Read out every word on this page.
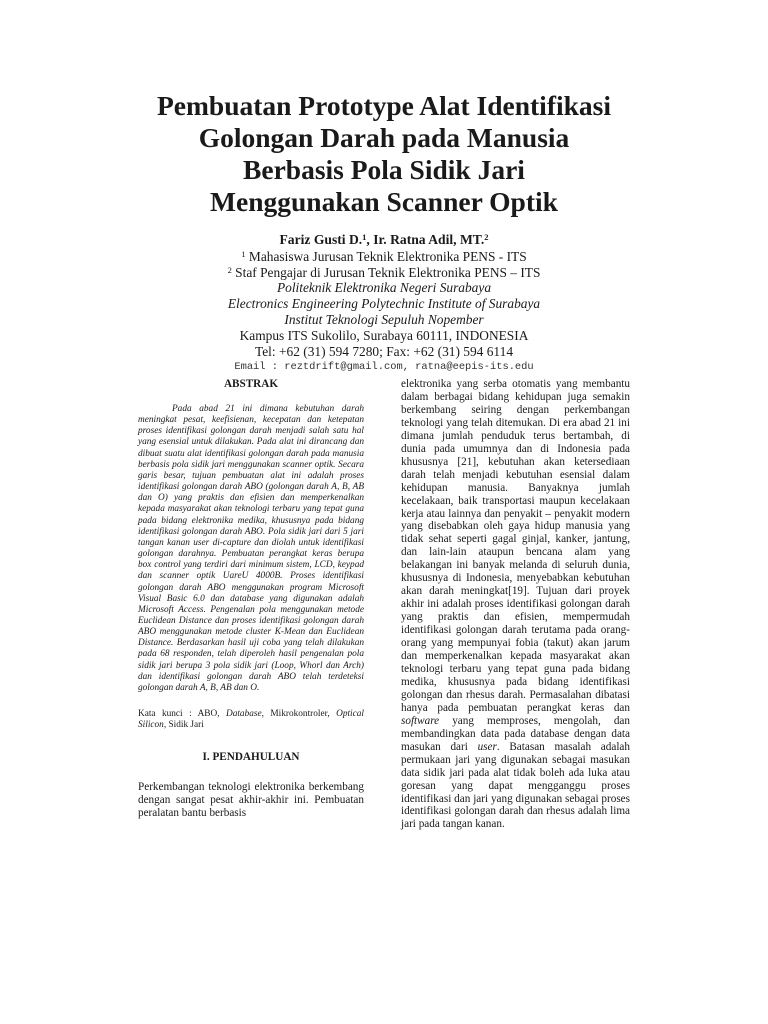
Pembuatan Prototype Alat Identifikasi
Golongan Darah pada Manusia
Berbasis Pola Sidik Jari
Menggunakan Scanner Optik
Fariz Gusti D.$^1$, Ir. Ratna Adil, MT.$^2$
$^1$ Mahasiswa Jurusan Teknik Elektronika PENS - ITS
$^2$ Staf Pengajar di Jurusan Teknik Elektronika PENS – ITS
Politeknik Elektronika Negeri Surabaya
Electronics Engineering Polytechnic Institute of Surabaya
Institut Teknologi Sepuluh Nopember
Kampus ITS Sukolilo, Surabaya 60111, INDONESIA
Tel: +62 (31) 594 7280; Fax: +62 (31) 594 6114
Email : reztdrift@gmail.com, ratna@eepis-its.edu
ABSTRAK

Pada abad 21 ini dimana kebutuhan darah meningkat pesat, keefisienan, kecepatan dan ketepatan proses identifikasi golongan darah menjadi salah satu hal yang esensial untuk dilakukan. Pada alat ini dirancang dan dibuat suatu alat identifikasi golongan darah pada manusia berbasis pola sidik jari menggunakan scanner optik. Secara garis besar, tujuan pembuatan alat ini adalah proses identifikasi golongan darah ABO (golongan darah A, B, AB dan O) yang praktis dan efisien dan memperkenalkan kepada masyarakat akan teknologi terbaru yang tepat guna pada bidang elektronika medika, khususnya pada bidang identifikasi golongan darah ABO. Pola sidik jari dari 5 jari tangan kanan user di-capture dan diolah untuk identifikasi golongan darahnya. Pembuatan perangkat keras berupa box control yang terdiri dari minimum sistem, LCD, keypad dan scanner optik UareU 4000B. Proses identifikasi golongan darah ABO menggunakan program Microsoft Visual Basic 6.0 dan database yang digunakan adalah Microsoft Access. Pengenalan pola menggunakan metode Euclidean Distance dan proses identifikasi golongan darah ABO menggunakan metode cluster K-Mean dan Euclidean Distance. Berdasarkan hasil uji coba yang telah dilakukan pada 68 responden, telah diperoleh hasil pengenalan pola sidik jari berupa 3 pola sidik jari (Loop, Whorl dan Arch) dan identifikasi golongan darah ABO telah terdeteksi golongan darah A, B, AB dan O.

Kata kunci : ABO, Database, Mikrokontroler, Optical Silicon, Sidik Jari

I. PENDAHULUAN

Perkembangan teknologi elektronika berkembang dengan sangat pesat akhir-akhir ini. Pembuatan peralatan bantu berbasis

elektronika yang serba otomatis yang membantu dalam berbagai bidang kehidupan juga semakin berkembang seiring dengan perkembangan teknologi yang telah ditemukan. Di era abad 21 ini dimana jumlah penduduk terus bertambah, di dunia pada umumnya dan di Indonesia pada khususnya [21], kebutuhan akan ketersediaan darah telah menjadi kebutuhan esensial dalam kehidupan manusia. Banyaknya jumlah kecelakaan, baik transportasi maupun kecelakaan kerja atau lainnya dan penyakit – penyakit modern yang disebabkan oleh gaya hidup manusia yang tidak sehat seperti gagal ginjal, kanker, jantung, dan lain-lain ataupun bencana alam yang belakangan ini banyak melanda di seluruh dunia, khususnya di Indonesia, menyebabkan kebutuhan akan darah meningkat[19]. Tujuan dari proyek akhir ini adalah proses identifikasi golongan darah yang praktis dan efisien, mempermudah identifikasi golongan darah terutama pada orang-orang yang mempunyai fobia (takut) akan jarum dan memperkenalkan kepada masyarakat akan teknologi terbaru yang tepat guna pada bidang medika, khususnya pada bidang identifikasi golongan dan rhesus darah. Permasalahan dibatasi hanya pada pembuatan perangkat keras dan software yang memproses, mengolah, dan membandingkan data pada database dengan data masukan dari user. Batasan masalah adalah permukaan jari yang digunakan sebagai masukan data sidik jari pada alat tidak boleh ada luka atau goresan yang dapat mengganggu proses identifikasi dan jari yang digunakan sebagai proses identifikasi golongan darah dan rhesus adalah lima jari pada tangan kanan.
